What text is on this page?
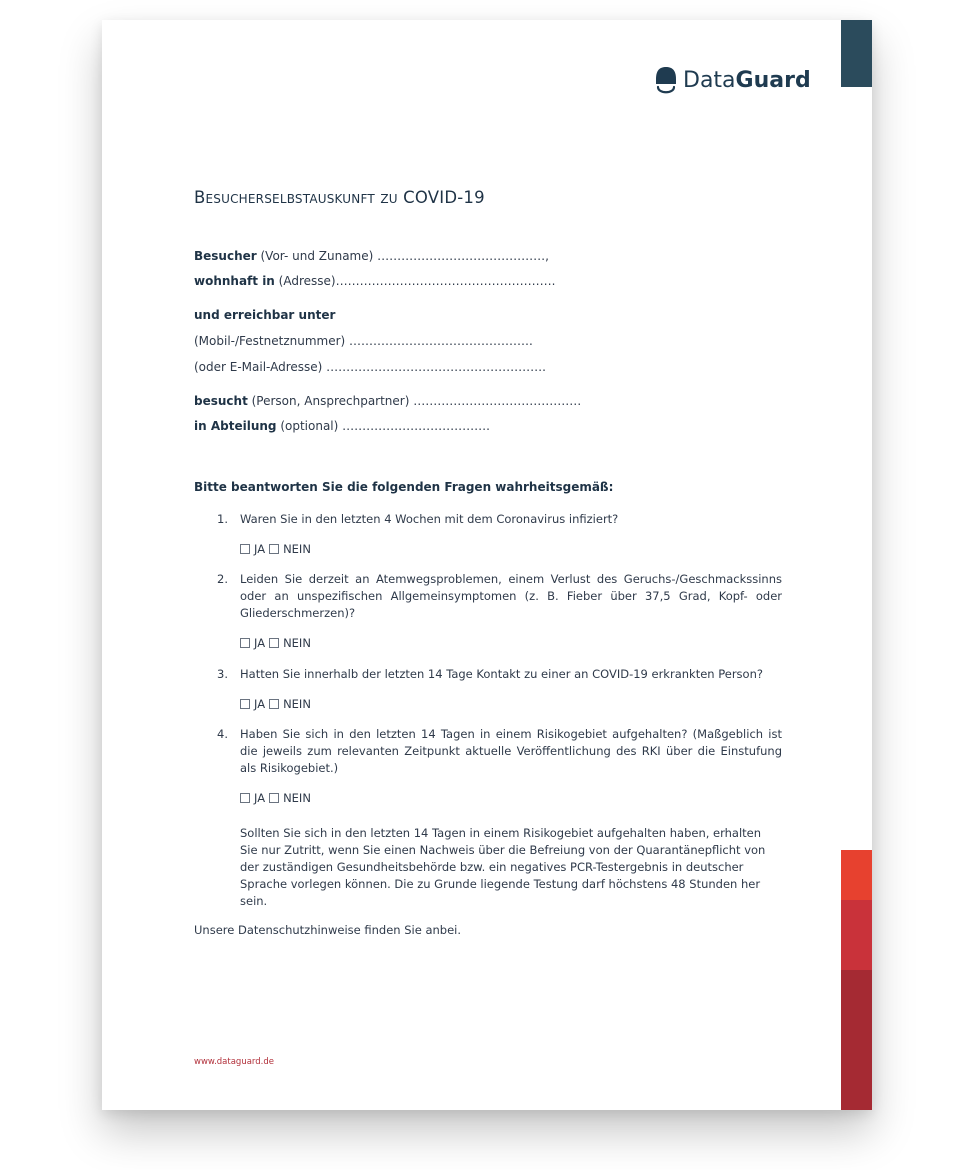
Data Guard
Besucherselbstauskunft zu COVID-19
Besucher (Vor- und Zuname) ……………………………………,
wohnhaft in (Adresse)……………………………………………….
und erreichbar unter
(Mobil-/Festnetznummer) ……………………………………….
(oder E-Mail-Adresse) ……………………………………………….
besucht (Person, Ansprechpartner) ……………………………………
in Abteilung (optional) ……………………………….
Bitte beantworten Sie die folgenden Fragen wahrheitsgemäß:
1. Waren Sie in den letzten 4 Wochen mit dem Coronavirus infiziert?
JA NEIN
2. Leiden Sie derzeit an Atemwegsproblemen, einem Verlust des Geruchs-/Geschmackssinns oder an unspezifischen Allgemeinsymptomen (z. B. Fieber über 37,5 Grad, Kopf- oder Gliederschmerzen)?
JA NEIN
3. Hatten Sie innerhalb der letzten 14 Tage Kontakt zu einer an COVID-19 erkrankten Person?
JA NEIN
4. Haben Sie sich in den letzten 14 Tagen in einem Risikogebiet aufgehalten? (Maßgeblich ist die jeweils zum relevanten Zeitpunkt aktuelle Veröffentlichung des RKI über die Einstufung als Risikogebiet.)
JA NEIN
Sollten Sie sich in den letzten 14 Tagen in einem Risikogebiet aufgehalten haben, erhalten Sie nur Zutritt, wenn Sie einen Nachweis über die Befreiung von der Quarantänepflicht von der zuständigen Gesundheitsbehörde bzw. ein negatives PCR-Testergebnis in deutscher Sprache vorlegen können. Die zu Grunde liegende Testung darf höchstens 48 Stunden her sein.
Unsere Datenschutzhinweise finden Sie anbei.
www.dataguard.de
